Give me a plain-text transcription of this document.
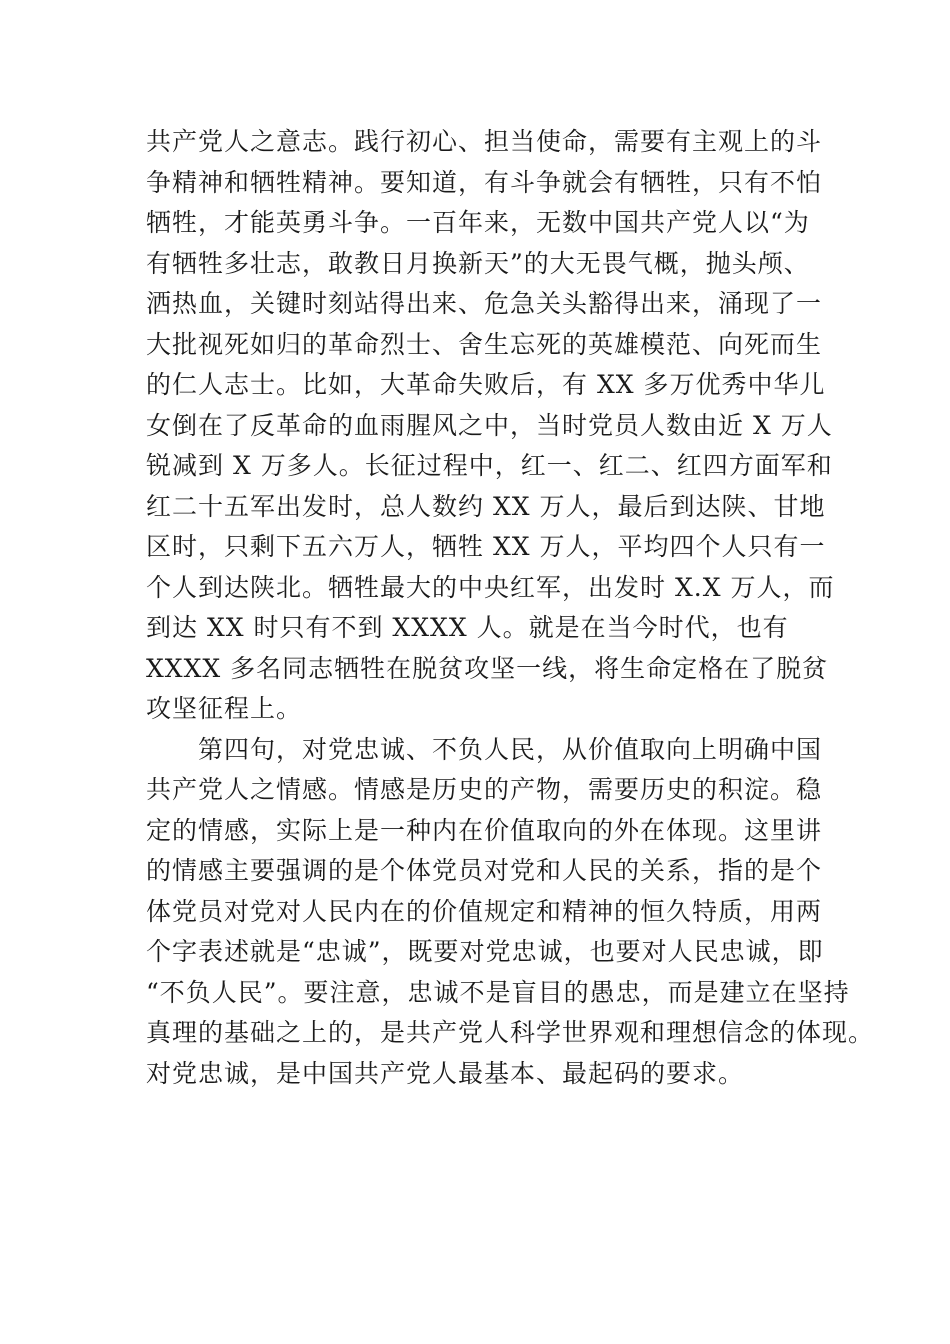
共产党人之意志。践行初心、担当使命，需要有主观上的斗
争精神和牺牲精神。要知道，有斗争就会有牺牲，只有不怕
牺牲，才能英勇斗争。一百年来，无数中国共产党人以“为
有牺牲多壮志，敢教日月换新天”的大无畏气概，抛头颅、
洒热血，关键时刻站得出来、危急关头豁得出来，涌现了一
大批视死如归的革命烈士、舍生忘死的英雄模范、向死而生
的仁人志士。比如，大革命失败后，有 XX 多万优秀中华儿
女倒在了反革命的血雨腥风之中，当时党员人数由近 X 万人
锐减到 X 万多人。长征过程中，红一、红二、红四方面军和
红二十五军出发时，总人数约 XX 万人，最后到达陕、甘地
区时，只剩下五六万人，牺牲 XX 万人，平均四个人只有一
个人到达陕北。牺牲最大的中央红军，出发时 X.X 万人，而
到达 XX 时只有不到 XXXX 人。就是在当今时代，也有
XXXX 多名同志牺牲在脱贫攻坚一线，将生命定格在了脱贫
攻坚征程上。
第四句，对党忠诚、不负人民，从价值取向上明确中国
共产党人之情感。情感是历史的产物，需要历史的积淀。稳
定的情感，实际上是一种内在价值取向的外在体现。这里讲
的情感主要强调的是个体党员对党和人民的关系，指的是个
体党员对党对人民内在的价值规定和精神的恒久特质，用两
个字表述就是“忠诚”，既要对党忠诚，也要对人民忠诚，即
“不负人民”。要注意，忠诚不是盲目的愚忠，而是建立在坚持
真理的基础之上的，是共产党人科学世界观和理想信念的体现。
对党忠诚，是中国共产党人最基本、最起码的要求。
